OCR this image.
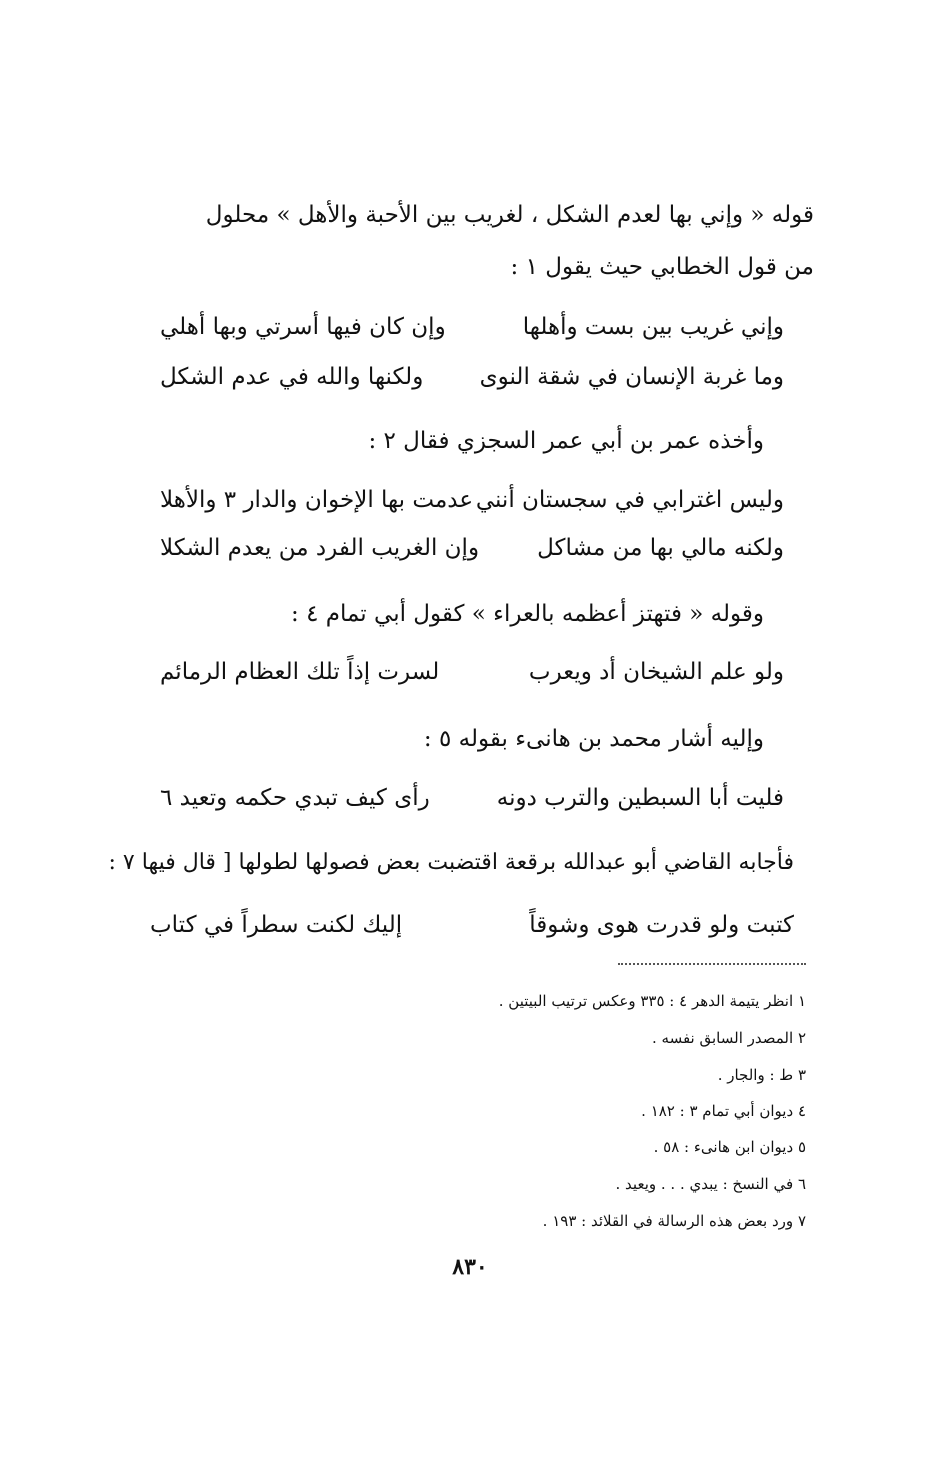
قوله « وإني بها لعدم الشكل ، لغريب بين الأحبة والأهل » محلول
من قول الخطابي حيث يقول ١ :
وإني غريب بين بست وأهلها
وإن كان فيها أسرتي وبها أهلي
وما غربة الإنسان في شقة النوى
ولكنها والله في عدم الشكل
وأخذه عمر بن أبي عمر السجزي فقال ٢ :
وليس اغترابي في سجستان أنني
عدمت بها الإخوان والدار ٣ والأهلا
ولكنه مالي بها من مشاكل
وإن الغريب الفرد من يعدم الشكلا
وقوله « فتهتز أعظمه بالعراء » كقول أبي تمام ٤ :
ولو علم الشيخان أد ويعرب
لسرت إذاً تلك العظام الرمائم
وإليه أشار محمد بن هانىء بقوله ٥ :
فليت أبا السبطين والترب دونه
رأى كيف تبدي حكمه وتعيد ٦
فأجابه القاضي أبو عبدالله برقعة اقتضبت بعض فصولها لطولها [ قال فيها ٧ :
كتبت ولو قدرت هوى وشوقاً
إليك لكنت سطراً في كتاب
١ انظر يتيمة الدهر ٤ : ٣٣٥ وعكس ترتيب البيتين .
٢ المصدر السابق نفسه .
٣ ط : والجار .
٤ ديوان أبي تمام ٣ : ١٨٢ .
٥ ديوان ابن هانىء : ٥٨ .
٦ في النسخ : يبدي . . . ويعيد .
٧ ورد بعض هذه الرسالة في القلائد : ١٩٣ .
٨٣٠
